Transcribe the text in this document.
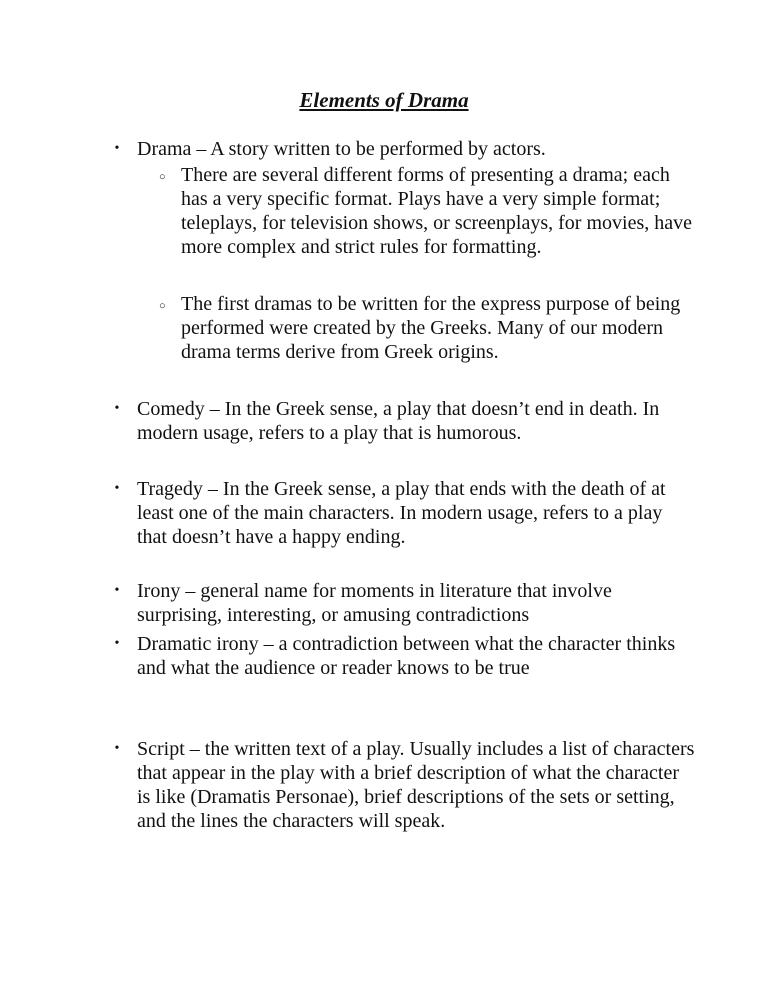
Elements of Drama
• Drama – A story written to be performed by actors.
○ There are several different forms of presenting a drama; each has a very specific format. Plays have a very simple format; teleplays, for television shows, or screenplays, for movies, have more complex and strict rules for formatting.
○ The first dramas to be written for the express purpose of being performed were created by the Greeks. Many of our modern drama terms derive from Greek origins.
• Comedy – In the Greek sense, a play that doesn’t end in death. In modern usage, refers to a play that is humorous.
• Tragedy – In the Greek sense, a play that ends with the death of at least one of the main characters. In modern usage, refers to a play that doesn’t have a happy ending.
• Irony – general name for moments in literature that involve surprising, interesting, or amusing contradictions
• Dramatic irony – a contradiction between what the character thinks and what the audience or reader knows to be true
• Script – the written text of a play. Usually includes a list of characters that appear in the play with a brief description of what the character is like (Dramatis Personae), brief descriptions of the sets or setting, and the lines the characters will speak.
